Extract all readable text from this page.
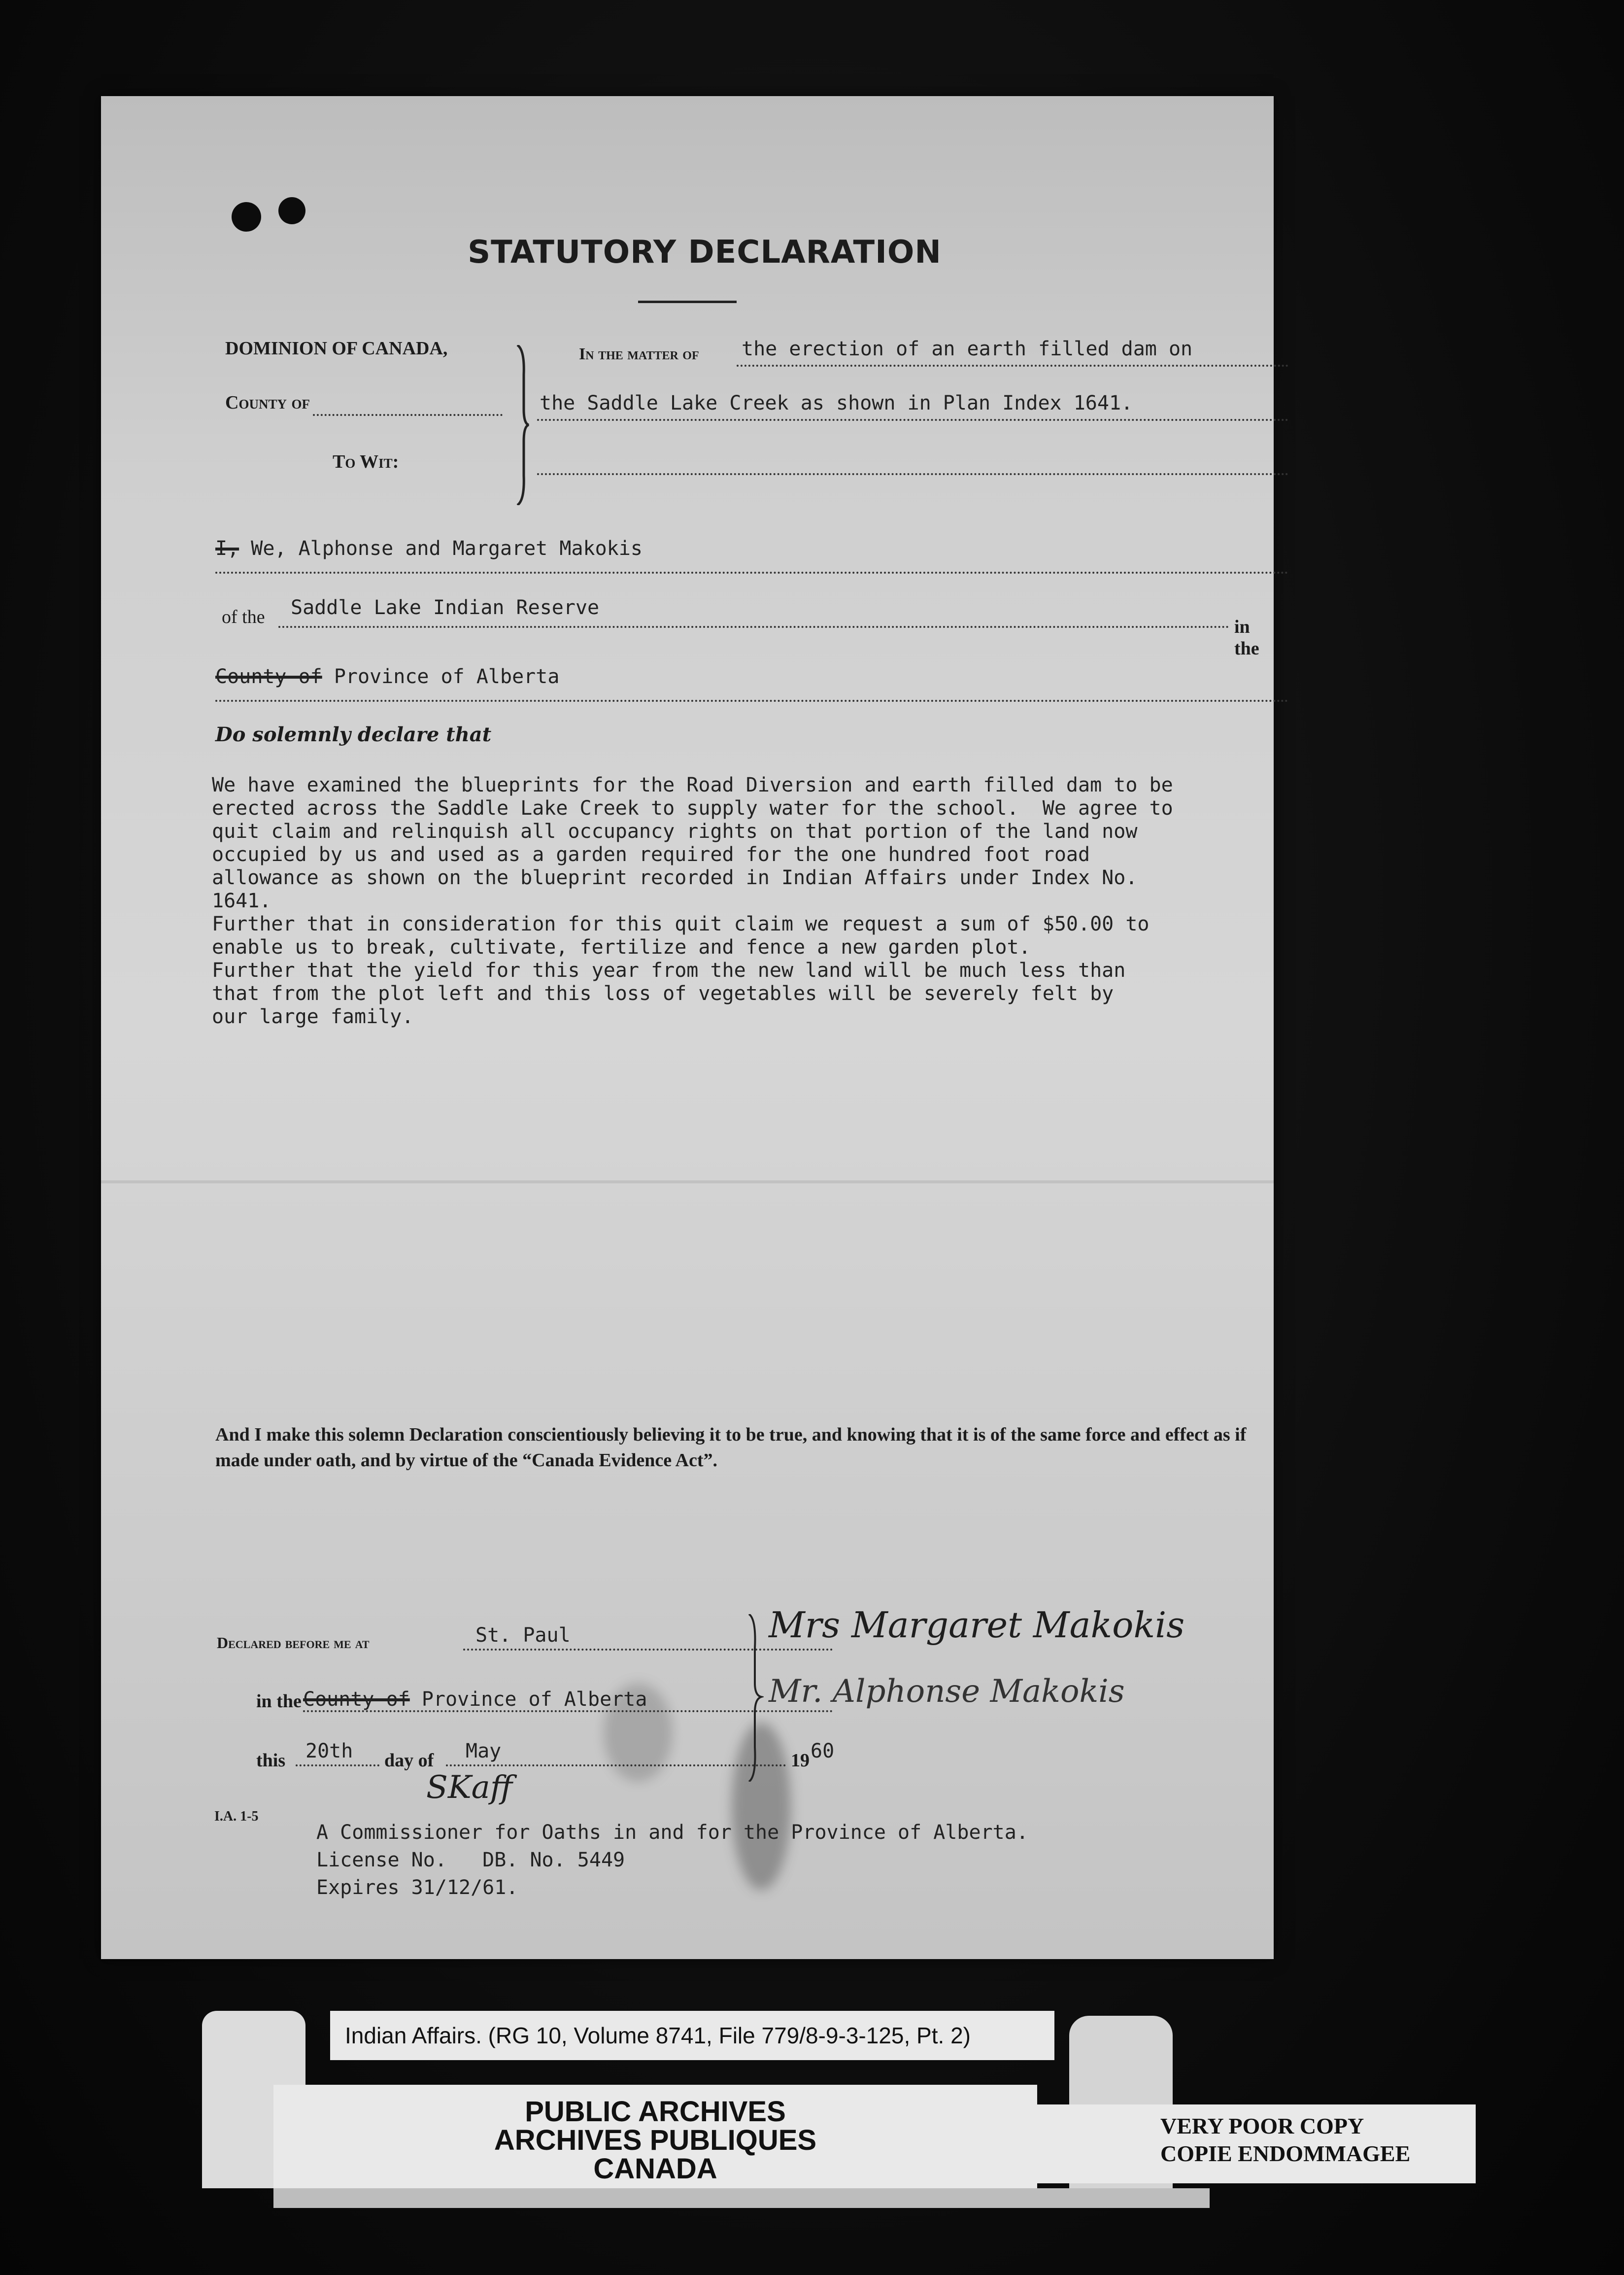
STATUTORY DECLARATION
DOMINION OF CANADA,
County of
To Wit:
In the matter of the erection of an earth filled dam on
the Saddle Lake Creek as shown in Plan Index 1641.
I, We, Alphonse and Margaret Makokis
of the Saddle Lake Indian Reserve
in the
County of Province of Alberta
Do solemnly declare that
We have examined the blueprints for the Road Diversion and earth filled dam to be
erected across the Saddle Lake Creek to supply water for the school.  We agree to
quit claim and relinquish all occupancy rights on that portion of the land now
occupied by us and used as a garden required for the one hundred foot road
allowance as shown on the blueprint recorded in Indian Affairs under Index No.
1641.
Further that in consideration for this quit claim we request a sum of $50.00 to
enable us to break, cultivate, fertilize and fence a new garden plot.
Further that the yield for this year from the new land will be much less than
that from the plot left and this loss of vegetables will be severely felt by
our large family.
And I make this solemn Declaration conscientiously believing it to be true, and knowing that it is of the same force and effect as if made under oath, and by virtue of the “Canada Evidence Act”.
Declared before me at	St. Paul
in the County of Province of Alberta
this 20th day of May	19 60
Mrs Margaret Makokis
Mr. Alphonse Makokis
SKaff
I.A. 1-5
A Commissioner for Oaths in and for the Province of Alberta.
License No.   DB. No. 5449
Expires 31/12/61.
Indian Affairs. (RG 10, Volume 8741, File 779/8-9-3-125, Pt. 2)
PUBLIC ARCHIVES
ARCHIVES PUBLIQUES
CANADA
VERY POOR COPY
COPIE ENDOMMAGEE
